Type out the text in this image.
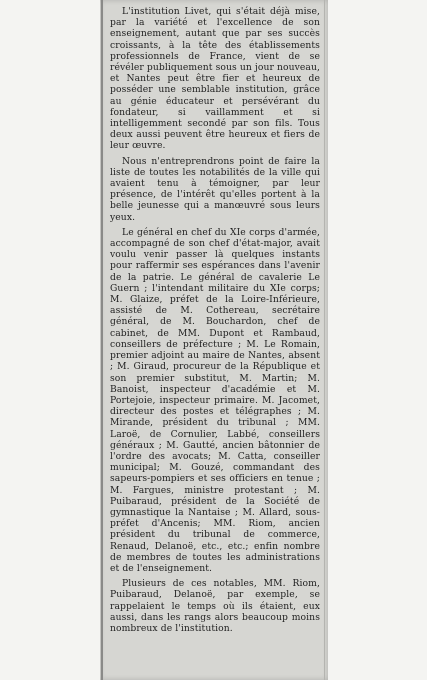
L'institution Livet, qui s'était déjà mise, par la variété et l'excellence de son enseignement, autant que par ses succès croissants, à la tête des établissements professionnels de France, vient de se révéler publiquement sous un jour nouveau, et Nantes peut être fier et heureux de posséder une semblable institution, grâce au génie éducateur et persévérant du fondateur, si vaillamment et si intelligemment secondé par son fils. Tous deux aussi peuvent être heureux et fiers de leur œuvre.

Nous n'entreprendrons point de faire la liste de toutes les notabilités de la ville qui avaient tenu à témoigner, par leur présence, de l'intérêt qu'elles portent à la belle jeunesse qui a manœuvré sous leurs yeux.

Le général en chef du XIe corps d'armée, accompagné de son chef d'état-major, avait voulu venir passer là quelques instants pour raffermir ses espérances dans l'avenir de la patrie. Le général de cavalerie Le Guern ; l'intendant militaire du XIe corps; M. Glaize, préfet de la Loire-Inférieure, assisté de M. Cothereau, secrétaire général, de M. Bouchardon, chef de cabinet, de MM. Dupont et Rambaud, conseillers de préfecture ; M. Le Romain, premier adjoint au maire de Nantes, absent ; M. Giraud, procureur de la République et son premier substitut, M. Martin; M. Banoist, inspecteur d'académie et M. Portejoie, inspecteur primaire. M. Jacomet, directeur des postes et télégraphes ; M. Mirande, président du tribunal ; MM. Laroë, de Cornulier, Labbé, conseillers généraux ; M. Gautté, ancien bâtonnier de l'ordre des avocats; M. Catta, conseiller municipal; M. Gouzé, commandant des sapeurs-pompiers et ses officiers en tenue ; M. Fargues, ministre protestant ; M. Puibaraud, président de la Société de gymnastique la Nantaise ; M. Allard, sous-préfet d'Ancenis; MM. Riom, ancien président du tribunal de commerce, Renaud, Delanoë, etc., etc.; enfin nombre de membres de toutes les administrations et de l'enseignement.

Plusieurs de ces notables, MM. Riom, Puibaraud, Delanoë, par exemple, se rappelaient le temps où ils étaient, eux aussi, dans les rangs alors beaucoup moins nombreux de l'institution.
